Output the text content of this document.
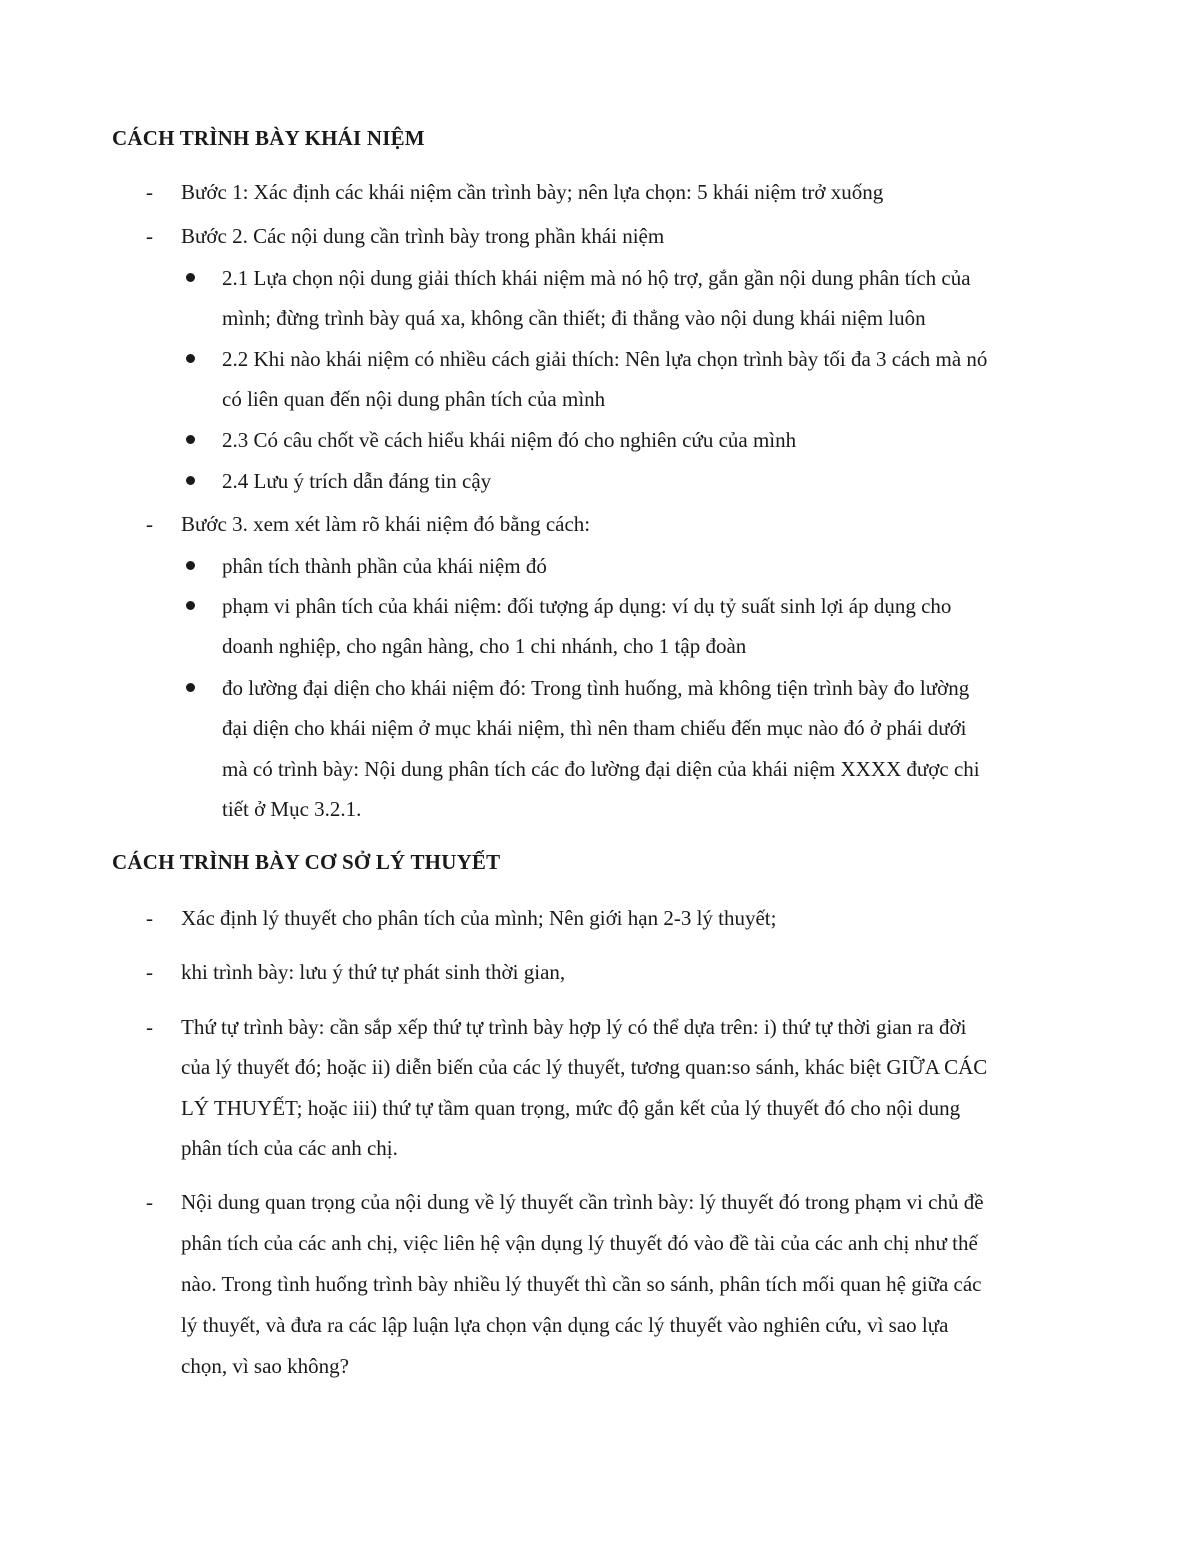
CÁCH TRÌNH BÀY KHÁI NIỆM
- Bước 1: Xác định các khái niệm cần trình bày; nên lựa chọn: 5 khái niệm trở xuống
- Bước 2. Các nội dung cần trình bày trong phần khái niệm
2.1 Lựa chọn nội dung giải thích khái niệm mà nó hộ trợ, gắn gần nội dung phân tích của
mình; đừng trình bày quá xa, không cần thiết; đi thẳng vào nội dung khái niệm luôn
2.2 Khi nào khái niệm có nhiều cách giải thích: Nên lựa chọn trình bày tối đa 3 cách mà nó
có liên quan đến nội dung phân tích của mình
2.3 Có câu chốt về cách hiểu khái niệm đó cho nghiên cứu của mình
2.4 Lưu ý trích dẫn đáng tin cậy
- Bước 3. xem xét làm rõ khái niệm đó bằng cách:
phân tích thành phần của khái niệm đó
phạm vi phân tích của khái niệm: đối tượng áp dụng: ví dụ tỷ suất sinh lợi áp dụng cho
doanh nghiệp, cho ngân hàng, cho 1 chi nhánh, cho 1 tập đoàn
đo lường đại diện cho khái niệm đó: Trong tình huống, mà không tiện trình bày đo lường
đại diện cho khái niệm ở mục khái niệm, thì nên tham chiếu đến mục nào đó ở phái dưới
mà có trình bày: Nội dung phân tích các đo lường đại diện của khái niệm XXXX được chi
tiết ở Mục 3.2.1.
CÁCH TRÌNH BÀY CƠ SỞ LÝ THUYẾT
- Xác định lý thuyết cho phân tích của mình; Nên giới hạn 2-3 lý thuyết;
- khi trình bày: lưu ý thứ tự phát sinh thời gian,
- Thứ tự trình bày: cần sắp xếp thứ tự trình bày hợp lý có thể dựa trên: i) thứ tự thời gian ra đời
của lý thuyết đó; hoặc ii) diễn biến của các lý thuyết, tương quan:so sánh, khác biệt GIỮA CÁC
LÝ THUYẾT; hoặc iii) thứ tự tầm quan trọng, mức độ gắn kết của lý thuyết đó cho nội dung
phân tích của các anh chị.
- Nội dung quan trọng của nội dung về lý thuyết cần trình bày: lý thuyết đó trong phạm vi chủ đề
phân tích của các anh chị, việc liên hệ vận dụng lý thuyết đó vào đề tài của các anh chị như thế
nào. Trong tình huống trình bày nhiều lý thuyết thì cần so sánh, phân tích mối quan hệ giữa các
lý thuyết, và đưa ra các lập luận lựa chọn vận dụng các lý thuyết vào nghiên cứu, vì sao lựa
chọn, vì sao không?
